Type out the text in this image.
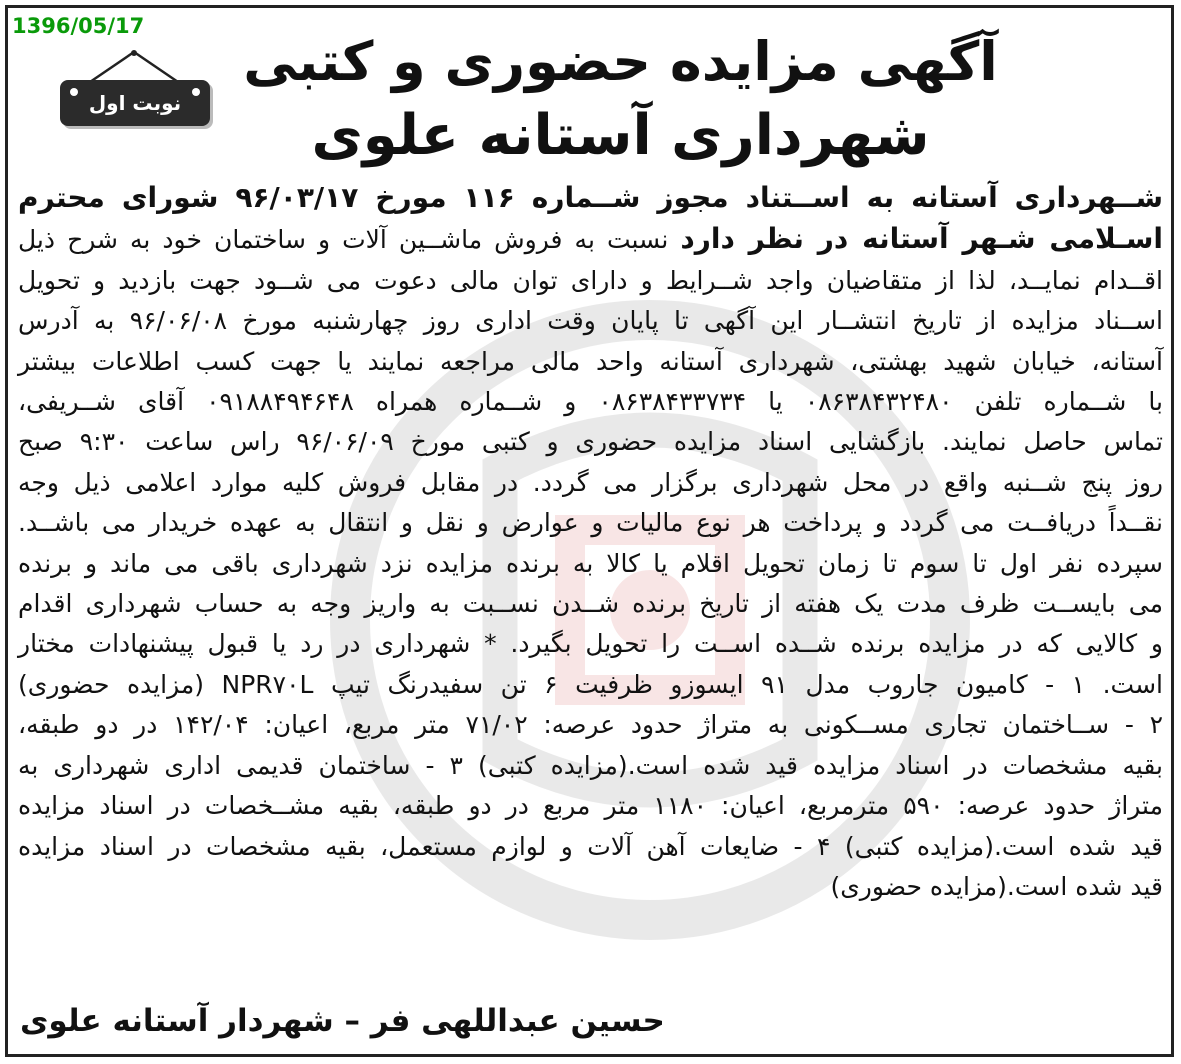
1396/05/17
نوبت اول
آگهی مزایده حضوری و کتبی
شهرداری آستانه علوی
شــهرداری آستانه به اســتناد مجوز شــماره ۱۱۶ مورخ ۹۶/۰۳/۱۷ شورای محترم
اسـلامی شـهر آستانه در نظر دارد نسبت به فروش ماشــین آلات و ساختمان خود به شرح ذیل
اقــدام نمایــد، لذا از متقاضیان واجد شــرایط و دارای توان مالی دعوت می شــود جهت بازدید و تحویل
اســناد مزایده از تاریخ انتشــار این آگهی تا پایان وقت اداری روز چهارشنبه مورخ ۹۶/۰۶/۰۸ به آدرس
آستانه، خیابان شهید بهشتی، شهرداری آستانه واحد مالی مراجعه نمایند یا جهت کسب اطلاعات بیشتر
با شــماره تلفن ۰۸۶۳۸۴۳۲۴۸۰ یا ۰۸۶۳۸۴۳۳۷۳۴ و شــماره همراه ۰۹۱۸۸۴۹۴۶۴۸ آقای شــریفی،
تماس حاصل نمایند. بازگشایی اسناد مزایده حضوری و کتبی مورخ ۹۶/۰۶/۰۹ راس ساعت ۹:۳۰ صبح
روز پنج شــنبه واقع در محل شهرداری برگزار می گردد. در مقابل فروش کلیه موارد اعلامی ذیل وجه
نقــداً دریافــت می گردد و پرداخت هر نوع مالیات و عوارض و نقل و انتقال به عهده خریدار می باشــد.
سپرده نفر اول تا سوم تا زمان تحویل اقلام یا کالا به برنده مزایده نزد شهرداری باقی می ماند و برنده
می بایســت ظرف مدت یک هفته از تاریخ برنده شــدن نســبت به واریز وجه به حساب شهرداری اقدام
و کالایی که در مزایده برنده شــده اســت را تحویل بگیرد. * شهرداری در رد یا قبول پیشنهادات مختار
است. ۱ - کامیون جاروب مدل ۹۱ ایسوزو ظرفیت ۶ تن سفیدرنگ تیپ NPR۷۰L (مزایده حضوری)
۲ - ســاختمان تجاری مســکونی به متراژ حدود عرصه: ۷۱/۰۲ متر مربع، اعیان: ۱۴۲/۰۴ در دو طبقه،
بقیه مشخصات در اسناد مزایده قید شده است.(مزایده کتبی) ۳ - ساختمان قدیمی اداری شهرداری به
متراژ حدود عرصه: ۵۹۰ مترمربع، اعیان: ۱۱۸۰ متر مربع در دو طبقه، بقیه مشــخصات در اسناد مزایده
قید شده است.(مزایده کتبی) ۴ - ضایعات آهن آلات و لوازم مستعمل، بقیه مشخصات در اسناد مزایده
قید شده است.(مزایده حضوری)
حسین عبداللهی فر – شهردار آستانه علوی
